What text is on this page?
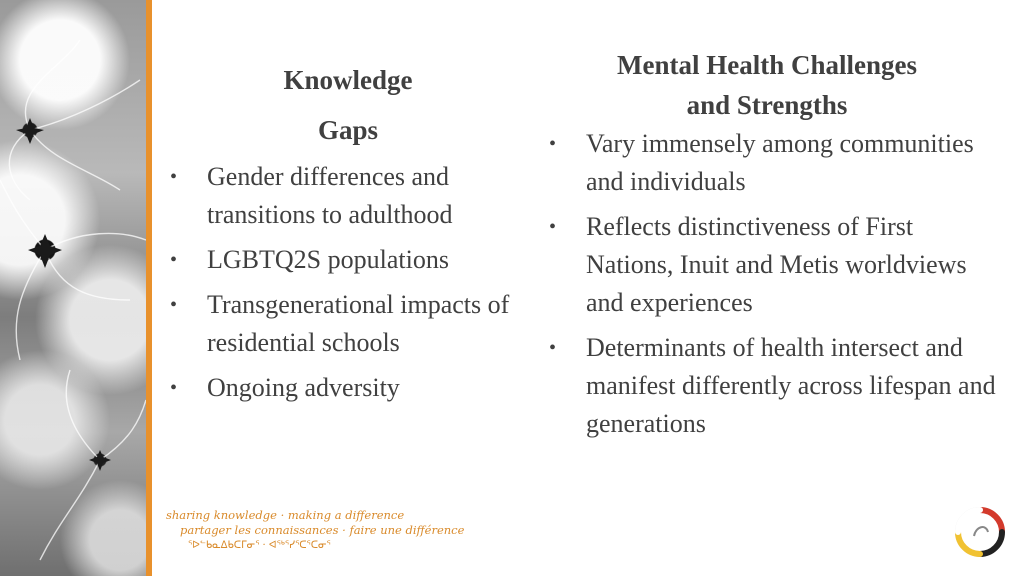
Knowledge
Gaps
• Gender differences and transitions to adulthood
• LGBTQ2S populations
• Transgenerational impacts of residential schools
• Ongoing adversity
Mental Health Challenges
and Strengths
• Vary immensely among communities and individuals
• Reflects distinctiveness of First Nations, Inuit and Metis worldviews and experiences
• Determinants of health intersect and manifest differently across lifespan and generations
sharing knowledge · making a difference
partager les connaissances · faire une différence
ᕐᐅᓪᑲᓇᐃᑲᑕᒥᓂᕐ · ᐊᖅᕐᓯᕐᑕᕐᑕᓂᕐ
